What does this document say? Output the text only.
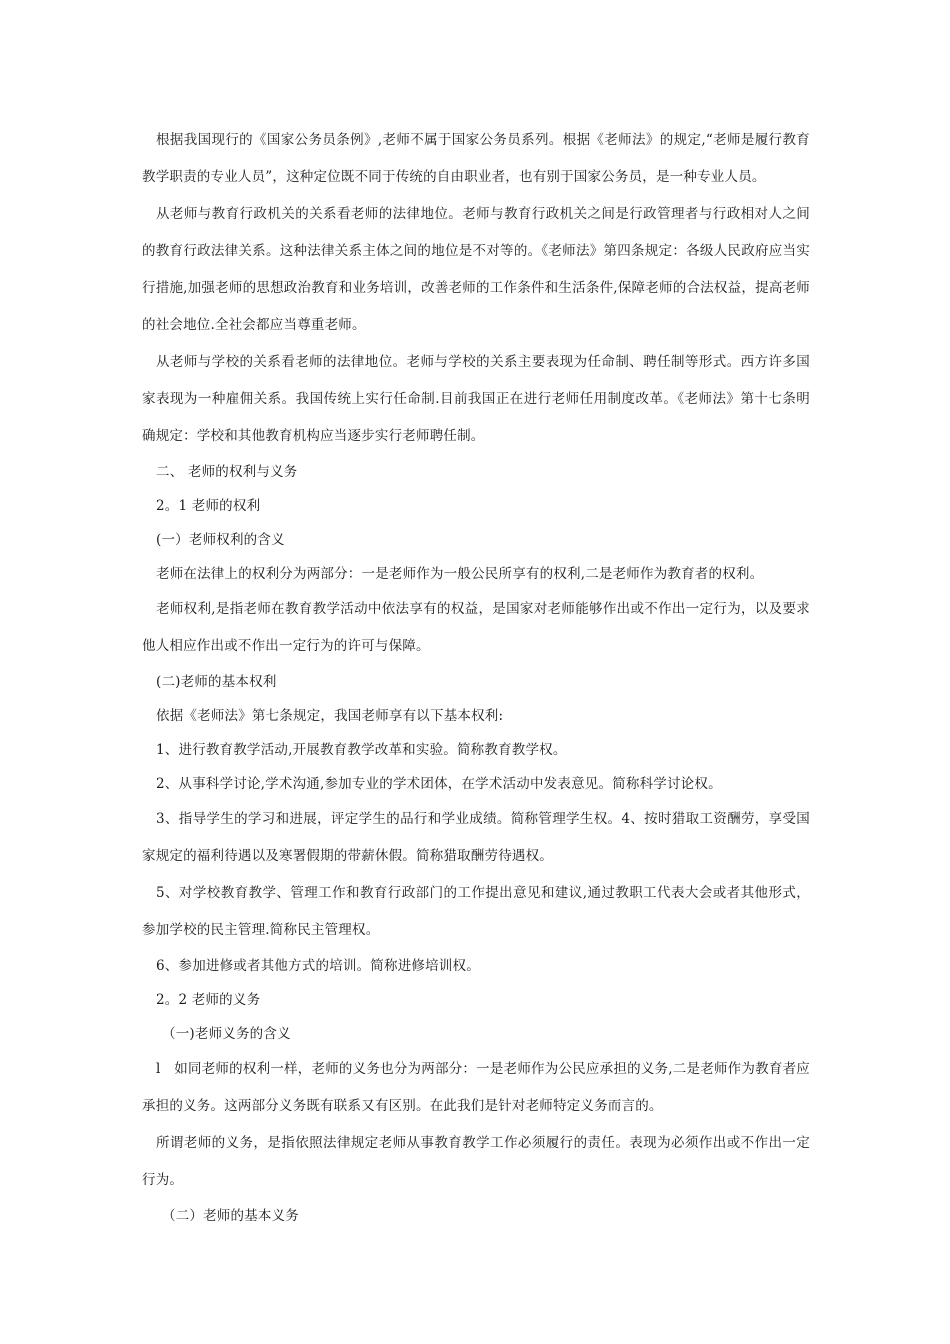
根据我国现行的《国家公务员条例》,老师不属于国家公务员系列。根据《老师法》的规定,“老师是履行教育教学职责的专业人员”，这种定位既不同于传统的自由职业者，也有别于国家公务员，是一种专业人员。

从老师与教育行政机关的关系看老师的法律地位。老师与教育行政机关之间是行政管理者与行政相对人之间的教育行政法律关系。这种法律关系主体之间的地位是不对等的。《老师法》第四条规定：各级人民政府应当实行措施,加强老师的思想政治教育和业务培训，改善老师的工作条件和生活条件,保障老师的合法权益，提高老师的社会地位.全社会都应当尊重老师。

从老师与学校的关系看老师的法律地位。老师与学校的关系主要表现为任命制、聘任制等形式。西方许多国家表现为一种雇佣关系。我国传统上实行任命制.目前我国正在进行老师任用制度改革。《老师法》第十七条明确规定：学校和其他教育机构应当逐步实行老师聘任制。

二、 老师的权利与义务

2。1 老师的权利

(一）老师权利的含义

老师在法律上的权利分为两部分：一是老师作为一般公民所享有的权利,二是老师作为教育者的权利。

老师权利,是指老师在教育教学活动中依法享有的权益，是国家对老师能够作出或不作出一定行为，以及要求他人相应作出或不作出一定行为的许可与保障。

(二)老师的基本权利

依据《老师法》第七条规定，我国老师享有以下基本权利:

1、进行教育教学活动,开展教育教学改革和实验。简称教育教学权。

2、从事科学讨论,学术沟通,参加专业的学术团体，在学术活动中发表意见。简称科学讨论权。

3、指导学生的学习和进展，评定学生的品行和学业成绩。简称管理学生权。4、按时猎取工资酬劳，享受国家规定的福利待遇以及寒署假期的带薪休假。简称猎取酬劳待遇权。

5、对学校教育教学、管理工作和教育行政部门的工作提出意见和建议,通过教职工代表大会或者其他形式，参加学校的民主管理.简称民主管理权。

6、参加进修或者其他方式的培训。简称进修培训权。

2。2 老师的义务

（一)老师义务的含义

l　如同老师的权利一样，老师的义务也分为两部分：一是老师作为公民应承担的义务,二是老师作为教育者应承担的义务。这两部分义务既有联系又有区别。在此我们是针对老师特定义务而言的。

所谓老师的义务，是指依照法律规定老师从事教育教学工作必须履行的责任。表现为必须作出或不作出一定行为。

（二）老师的基本义务
